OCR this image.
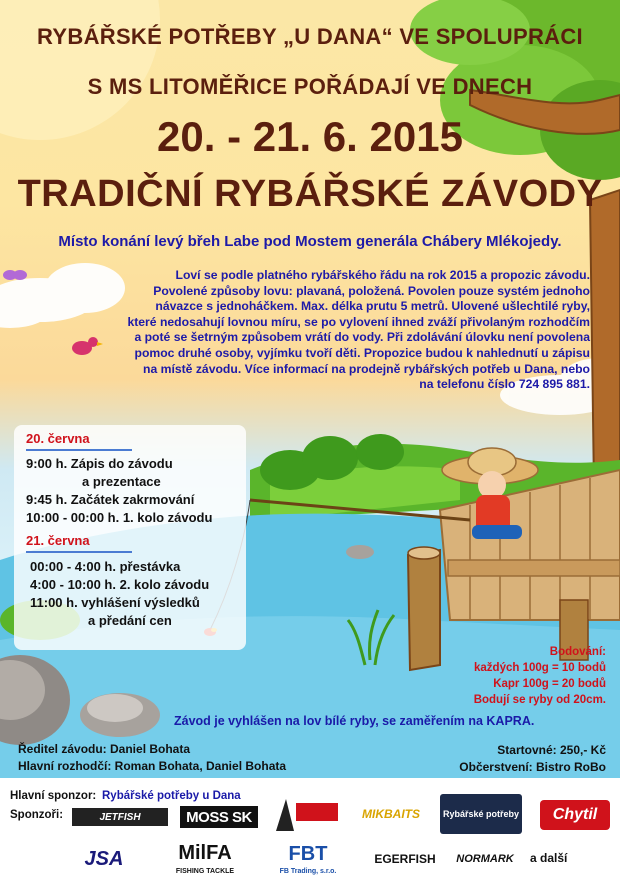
RYBÁŘSKÉ POTŘEBY „U DANA“ VE SPOLUPRÁCI
S MS LITOMĚŘICE POŘÁDAJÍ VE DNECH
20. - 21. 6. 2015
TRADIČNÍ RYBÁŘSKÉ ZÁVODY
Místo konání levý břeh Labe pod Mostem generála Chábery Mlékojedy.
Loví se podle platného rybářského řádu na rok 2015 a propozic závodu.
Povolené způsoby lovu: plavaná, položená. Povolen pouze systém jednoho
návazce s jednoháčkem. Max. délka prutu 5 metrů. Ulovené ušlechtilé ryby,
které nedosahují lovnou míru, se po vylovení ihned zváží přivolaným rozhodčím
a poté se šetrným způsobem vrátí do vody. Při zdolávání úlovku není povolena
pomoc druhé osoby, vyjímku tvoří děti. Propozice budou k nahlednutí u zápisu
na místě závodu. Více informací na prodejně rybářských potřeb u Dana, nebo
na telefonu číslo 724 895 881.
20. června
9:00 h. Zápis do závodu
a prezentace
9:45 h. Začátek zakrmování
10:00 - 00:00 h. 1. kolo závodu
21. června
00:00 - 4:00 h. přestávka
4:00 - 10:00 h. 2. kolo závodu
11:00 h. vyhlášení výsledků
a předání cen
Bodování:
každých 100g = 10 bodů
Kapr 100g = 20 bodů
Bodují se ryby od 20cm.
Závod je vyhlášen na lov bílé ryby, se zaměřením na KAPRA.
Ředitel závodu: Daniel Bohata
Hlavní rozhodčí: Roman Bohata, Daniel Bohata
Startovné: 250,- Kč
Občerstvení: Bistro RoBo
Hlavní sponzor: Rybářské potřeby u Dana
Sponzoři:	JETFISH	MOSS SK	MIKBAITS	Rybářské potřeby	Chytil
JSA	MilFA
FISHING TACKLE
FBT
FB Trading, s.r.o.
EGERFISH	NORMARK	a další
